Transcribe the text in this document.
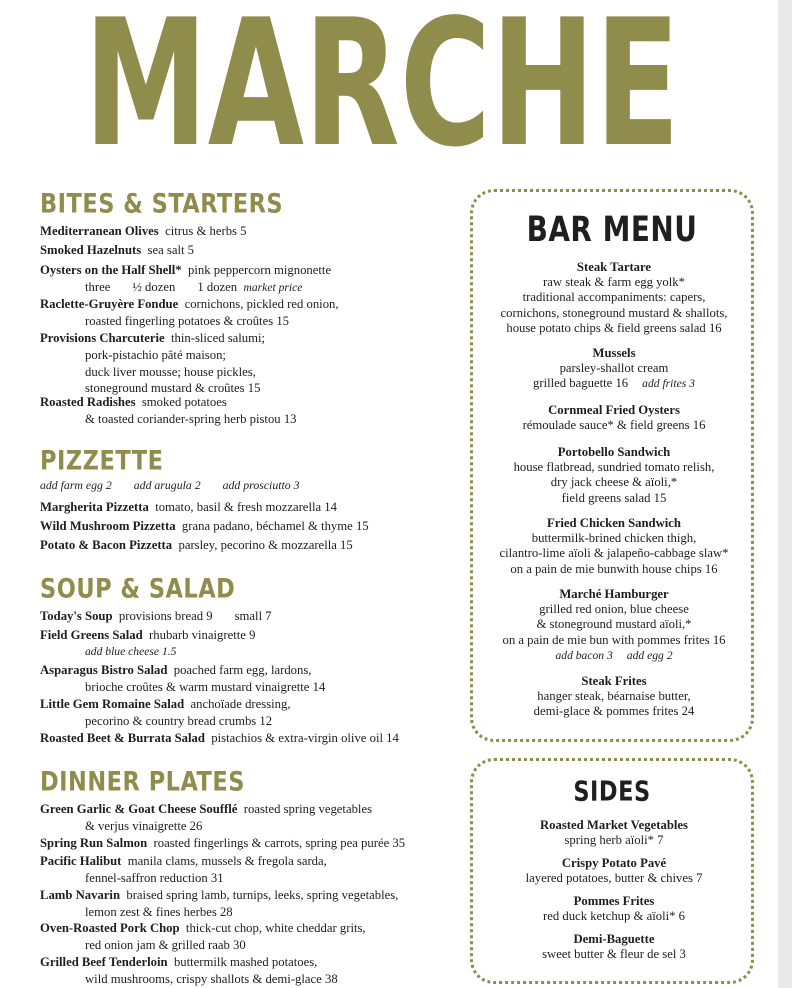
MARCHE
BITES & STARTERS
Mediterranean Olives citrus & herbs 5
Smoked Hazelnuts sea salt 5
Oysters on the Half Shell* pink peppercorn mignonette
three ½ dozen 1 dozen market price
Raclette-Gruyère Fondue cornichons, pickled red onion,
roasted fingerling potatoes & croûtes 15
Provisions Charcuterie thin-sliced salumi;
pork-pistachio pâté maison;
duck liver mousse; house pickles,
stoneground mustard & croûtes 15
Roasted Radishes smoked potatoes
& toasted coriander-spring herb pistou 13
PIZZETTE
add farm egg 2 add arugula 2 add prosciutto 3
Margherita Pizzetta tomato, basil & fresh mozzarella 14
Wild Mushroom Pizzetta grana padano, béchamel & thyme 15
Potato & Bacon Pizzetta parsley, pecorino & mozzarella 15
SOUP & SALAD
Today's Soup provisions bread 9 small 7
Field Greens Salad rhubarb vinaigrette 9
add blue cheese 1.5
Asparagus Bistro Salad poached farm egg, lardons,
brioche croûtes & warm mustard vinaigrette 14
Little Gem Romaine Salad anchoïade dressing,
pecorino & country bread crumbs 12
Roasted Beet & Burrata Salad pistachios & extra-virgin olive oil 14
DINNER PLATES
Green Garlic & Goat Cheese Soufflé roasted spring vegetables
& verjus vinaigrette 26
Spring Run Salmon roasted fingerlings & carrots, spring pea purée 35
Pacific Halibut manila clams, mussels & fregola sarda,
fennel-saffron reduction 31
Lamb Navarin braised spring lamb, turnips, leeks, spring vegetables,
lemon zest & fines herbes 28
Oven-Roasted Pork Chop thick-cut chop, white cheddar grits,
red onion jam & grilled raab 30
Grilled Beef Tenderloin buttermilk mashed potatoes,
wild mushrooms, crispy shallots & demi-glace 38
BAR MENU
Steak Tartare
raw steak & farm egg yolk*
traditional accompaniments: capers,
cornichons, stoneground mustard & shallots,
house potato chips & field greens salad 16
Mussels
parsley-shallot cream
grilled baguette 16 add frites 3
Cornmeal Fried Oysters
rémoulade sauce* & field greens 16
Portobello Sandwich
house flatbread, sundried tomato relish,
dry jack cheese & aïoli,*
field greens salad 15
Fried Chicken Sandwich
buttermilk-brined chicken thigh,
cilantro-lime aïoli & jalapeño-cabbage slaw*
on a pain de mie bunwith house chips 16
Marché Hamburger
grilled red onion, blue cheese
& stoneground mustard aïoli,*
on a pain de mie bun with pommes frites 16
add bacon 3 add egg 2
Steak Frites
hanger steak, béarnaise butter,
demi-glace & pommes frites 24
SIDES
Roasted Market Vegetables
spring herb aïoli* 7
Crispy Potato Pavé
layered potatoes, butter & chives 7
Pommes Frites
red duck ketchup & aïoli* 6
Demi-Baguette
sweet butter & fleur de sel 3
